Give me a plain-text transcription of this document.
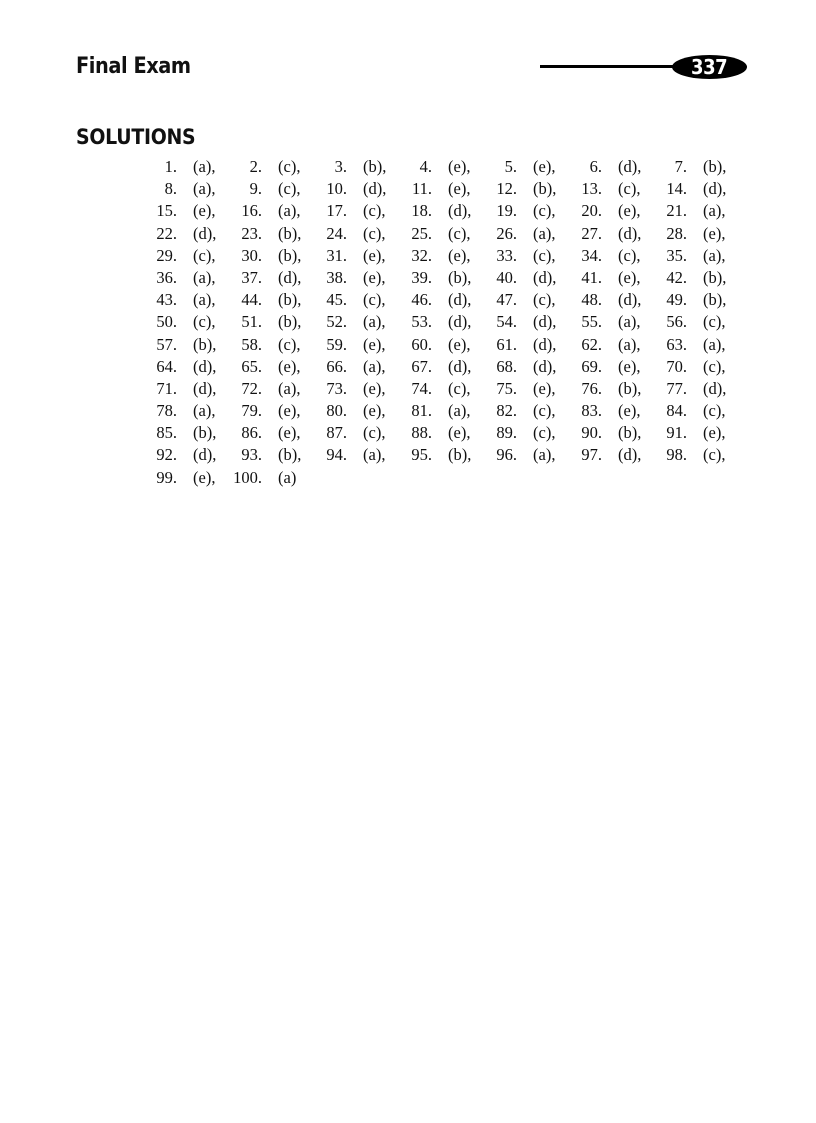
Final Exam	337
SOLUTIONS
1. (a),	2. (c),	3. (b),	4. (e),	5. (e),	6. (d),	7. (b),
8. (a),	9. (c),	10. (d),	11. (e),	12. (b),	13. (c),	14. (d),
15. (e),	16. (a),	17. (c),	18. (d),	19. (c),	20. (e),	21. (a),
22. (d),	23. (b),	24. (c),	25. (c),	26. (a),	27. (d),	28. (e),
29. (c),	30. (b),	31. (e),	32. (e),	33. (c),	34. (c),	35. (a),
36. (a),	37. (d),	38. (e),	39. (b),	40. (d),	41. (e),	42. (b),
43. (a),	44. (b),	45. (c),	46. (d),	47. (c),	48. (d),	49. (b),
50. (c),	51. (b),	52. (a),	53. (d),	54. (d),	55. (a),	56. (c),
57. (b),	58. (c),	59. (e),	60. (e),	61. (d),	62. (a),	63. (a),
64. (d),	65. (e),	66. (a),	67. (d),	68. (d),	69. (e),	70. (c),
71. (d),	72. (a),	73. (e),	74. (c),	75. (e),	76. (b),	77. (d),
78. (a),	79. (e),	80. (e),	81. (a),	82. (c),	83. (e),	84. (c),
85. (b),	86. (e),	87. (c),	88. (e),	89. (c),	90. (b),	91. (e),
92. (d),	93. (b),	94. (a),	95. (b),	96. (a),	97. (d),	98. (c),
99. (e),	100. (a)
